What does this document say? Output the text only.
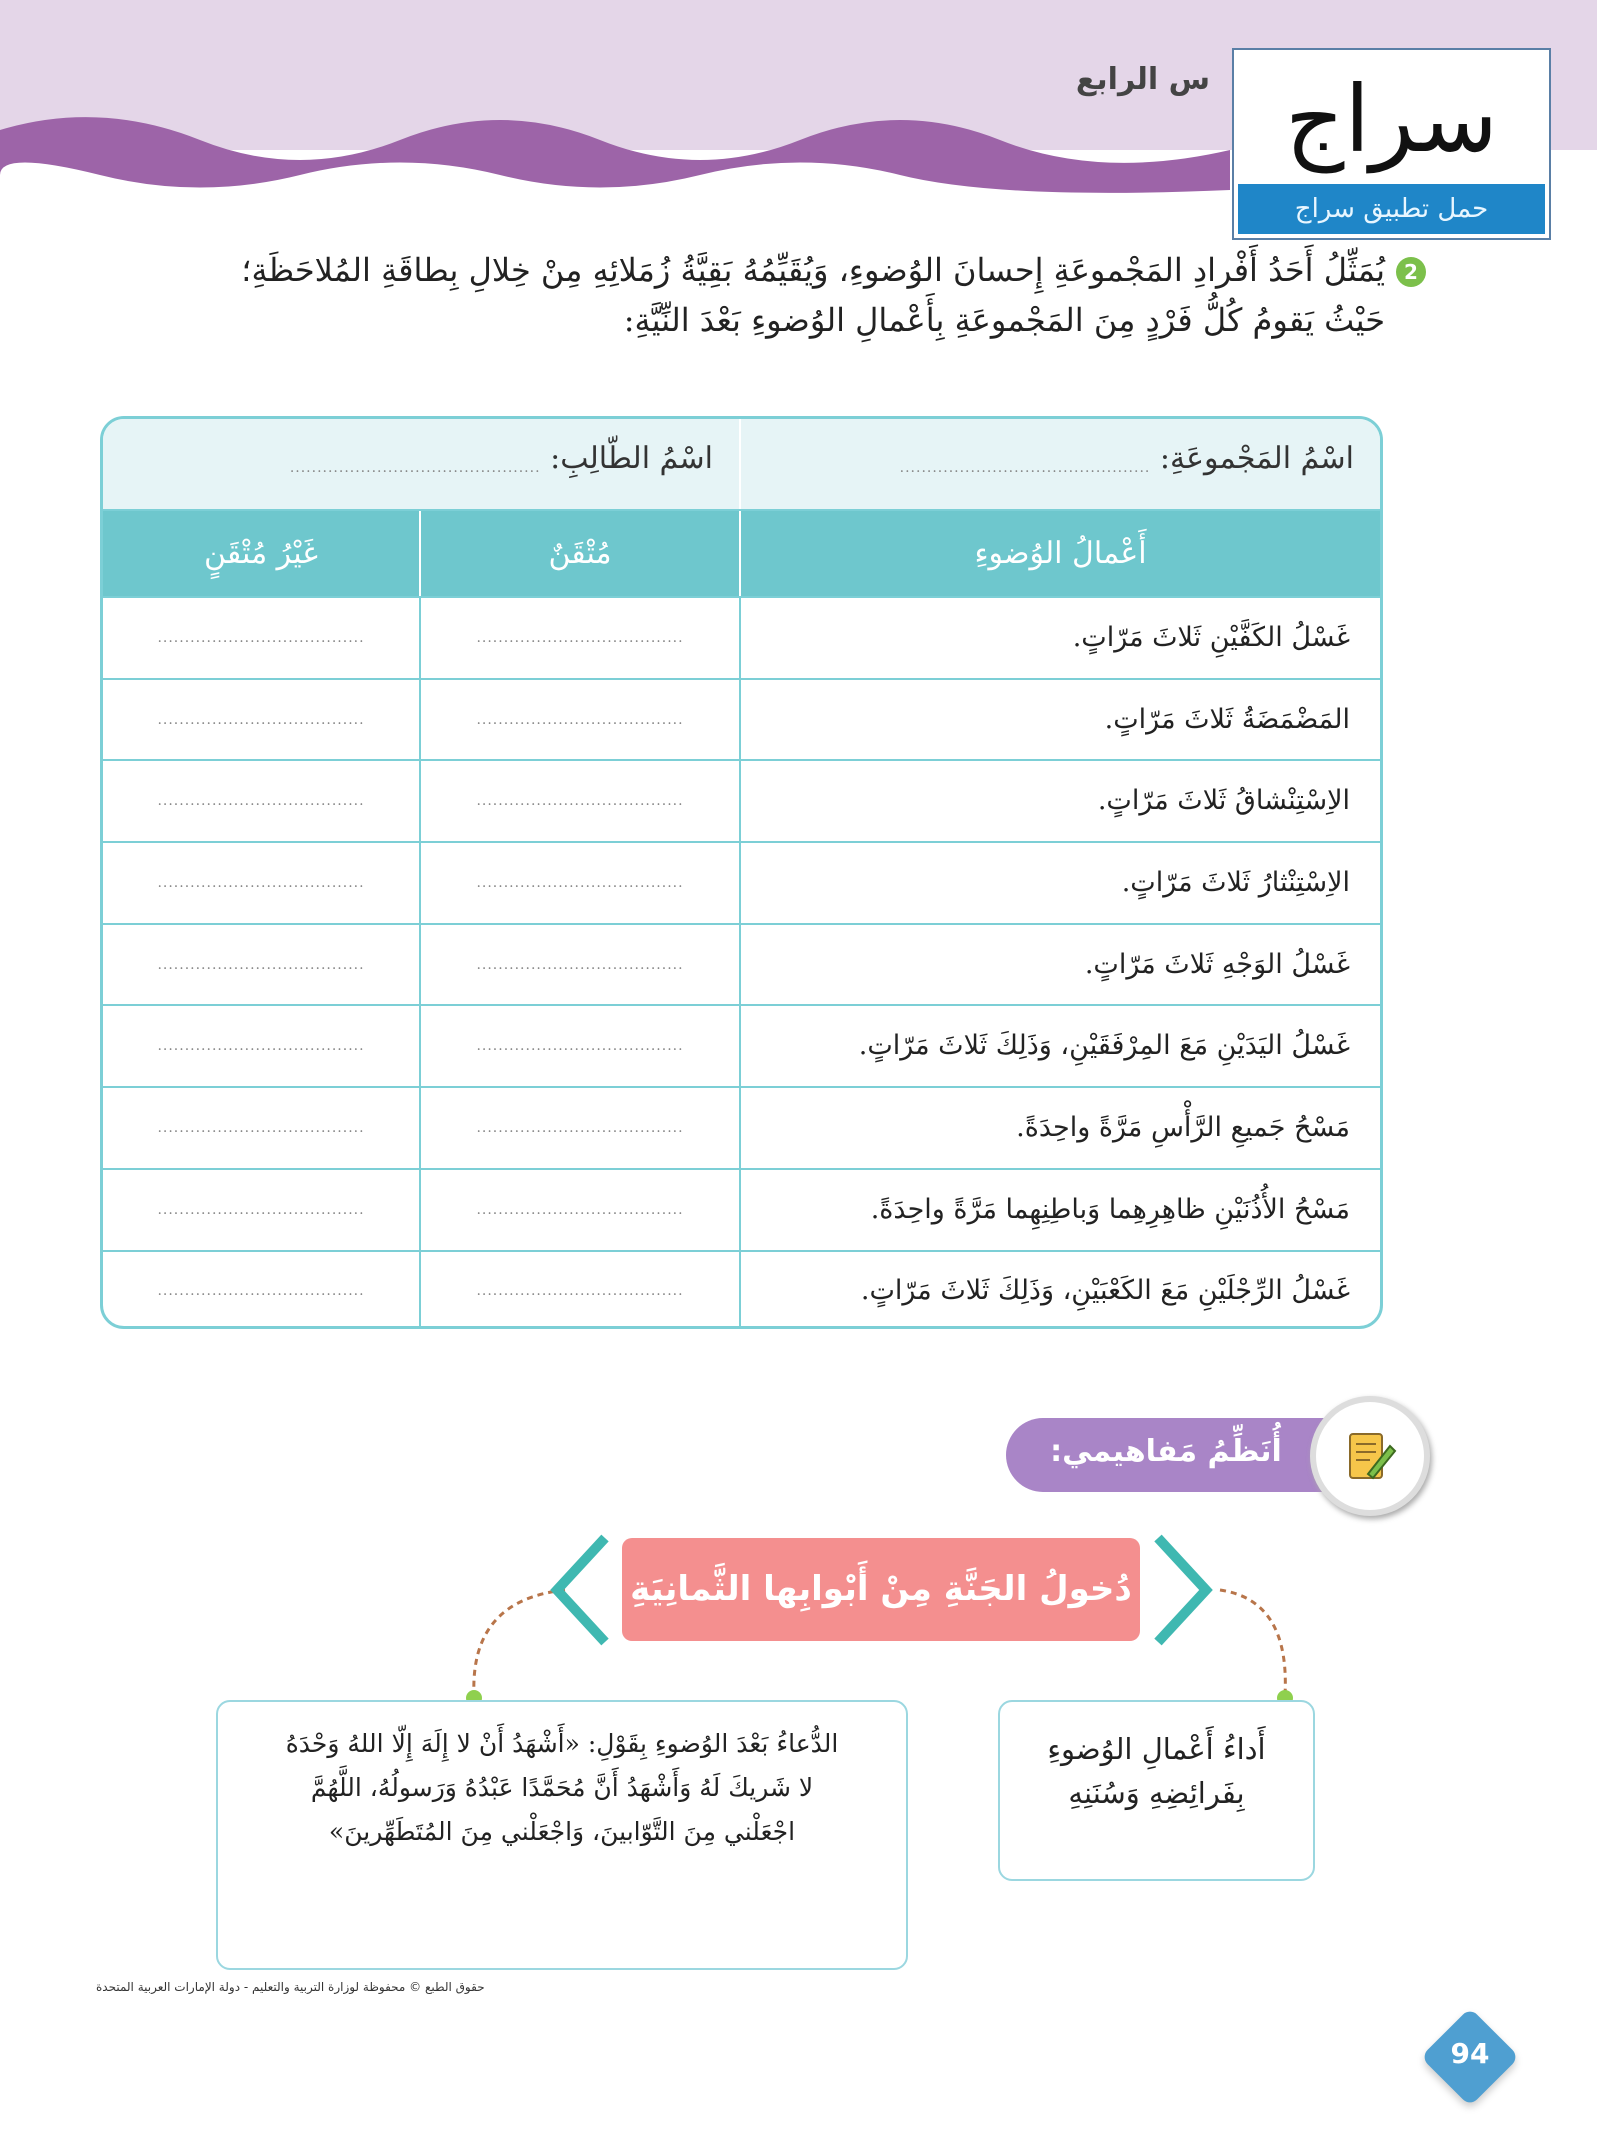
س الرابع سراج
حمل تطبيق سراج
2
يُمَثِّلُ أَحَدُ أَفْرادِ المَجْموعَةِ إِحسانَ الوُضوءِ، وَيُقَيِّمُهُ بَقِيَّةُ زُمَلائِهِ مِنْ خِلالِ بِطاقَةِ المُلاحَظَةِ؛
حَيْثُ يَقومُ كُلُّ فَرْدٍ مِنَ المَجْموعَةِ بِأَعْمالِ الوُضوءِ بَعْدَ النِّيَّةِ:
اسْمُ المَجْموعَةِ: ..............................................
اسْمُ الطّالِبِ: ..............................................
أَعْمالُ الوُضوءِ
مُتْقَنٌ
غَيْرُ مُتْقَنٍ
غَسْلُ الكَفَّيْنِ ثَلاثَ مَرّاتٍ.
......................................
......................................
المَضْمَضَةُ ثَلاثَ مَرّاتٍ.
......................................
......................................
الاِسْتِنْشاقُ ثَلاثَ مَرّاتٍ.
......................................
......................................
الاِسْتِنْثارُ ثَلاثَ مَرّاتٍ.
......................................
......................................
غَسْلُ الوَجْهِ ثَلاثَ مَرّاتٍ.
......................................
......................................
غَسْلُ اليَدَيْنِ مَعَ المِرْفَقَيْنِ، وَذَلِكَ ثَلاثَ مَرّاتٍ.
......................................
......................................
مَسْحُ جَميعِ الرَّأْسِ مَرَّةً واحِدَةً.
......................................
......................................
مَسْحُ الأُذُنَيْنِ ظاهِرِهِما وَباطِنِهِما مَرَّةً واحِدَةً.
......................................
......................................
غَسْلُ الرِّجْلَيْنِ مَعَ الكَعْبَيْنِ، وَذَلِكَ ثَلاثَ مَرّاتٍ.
......................................
......................................
أُنَظِّمُ مَفاهيمي:
دُخولُ الجَنَّةِ مِنْ أَبْوابِها الثَّمانِيَةِ
أَداءُ أَعْمالِ الوُضوءِ
بِفَرائِضِهِ وَسُنَنِهِ
الدُّعاءُ بَعْدَ الوُضوءِ بِقَوْلِ: «أَشْهَدُ أَنْ لا إِلَهَ إِلّا اللهُ وَحْدَهُ
لا شَريكَ لَهُ وَأَشْهَدُ أَنَّ مُحَمَّدًا عَبْدُهُ وَرَسولُهُ، اللَّهُمَّ
اجْعَلْني مِنَ التَّوّابينَ، وَاجْعَلْني مِنَ المُتَطَهِّرينَ»
حقوق الطبع © محفوظة لوزارة التربية والتعليم - دولة الإمارات العربية المتحدة
94
